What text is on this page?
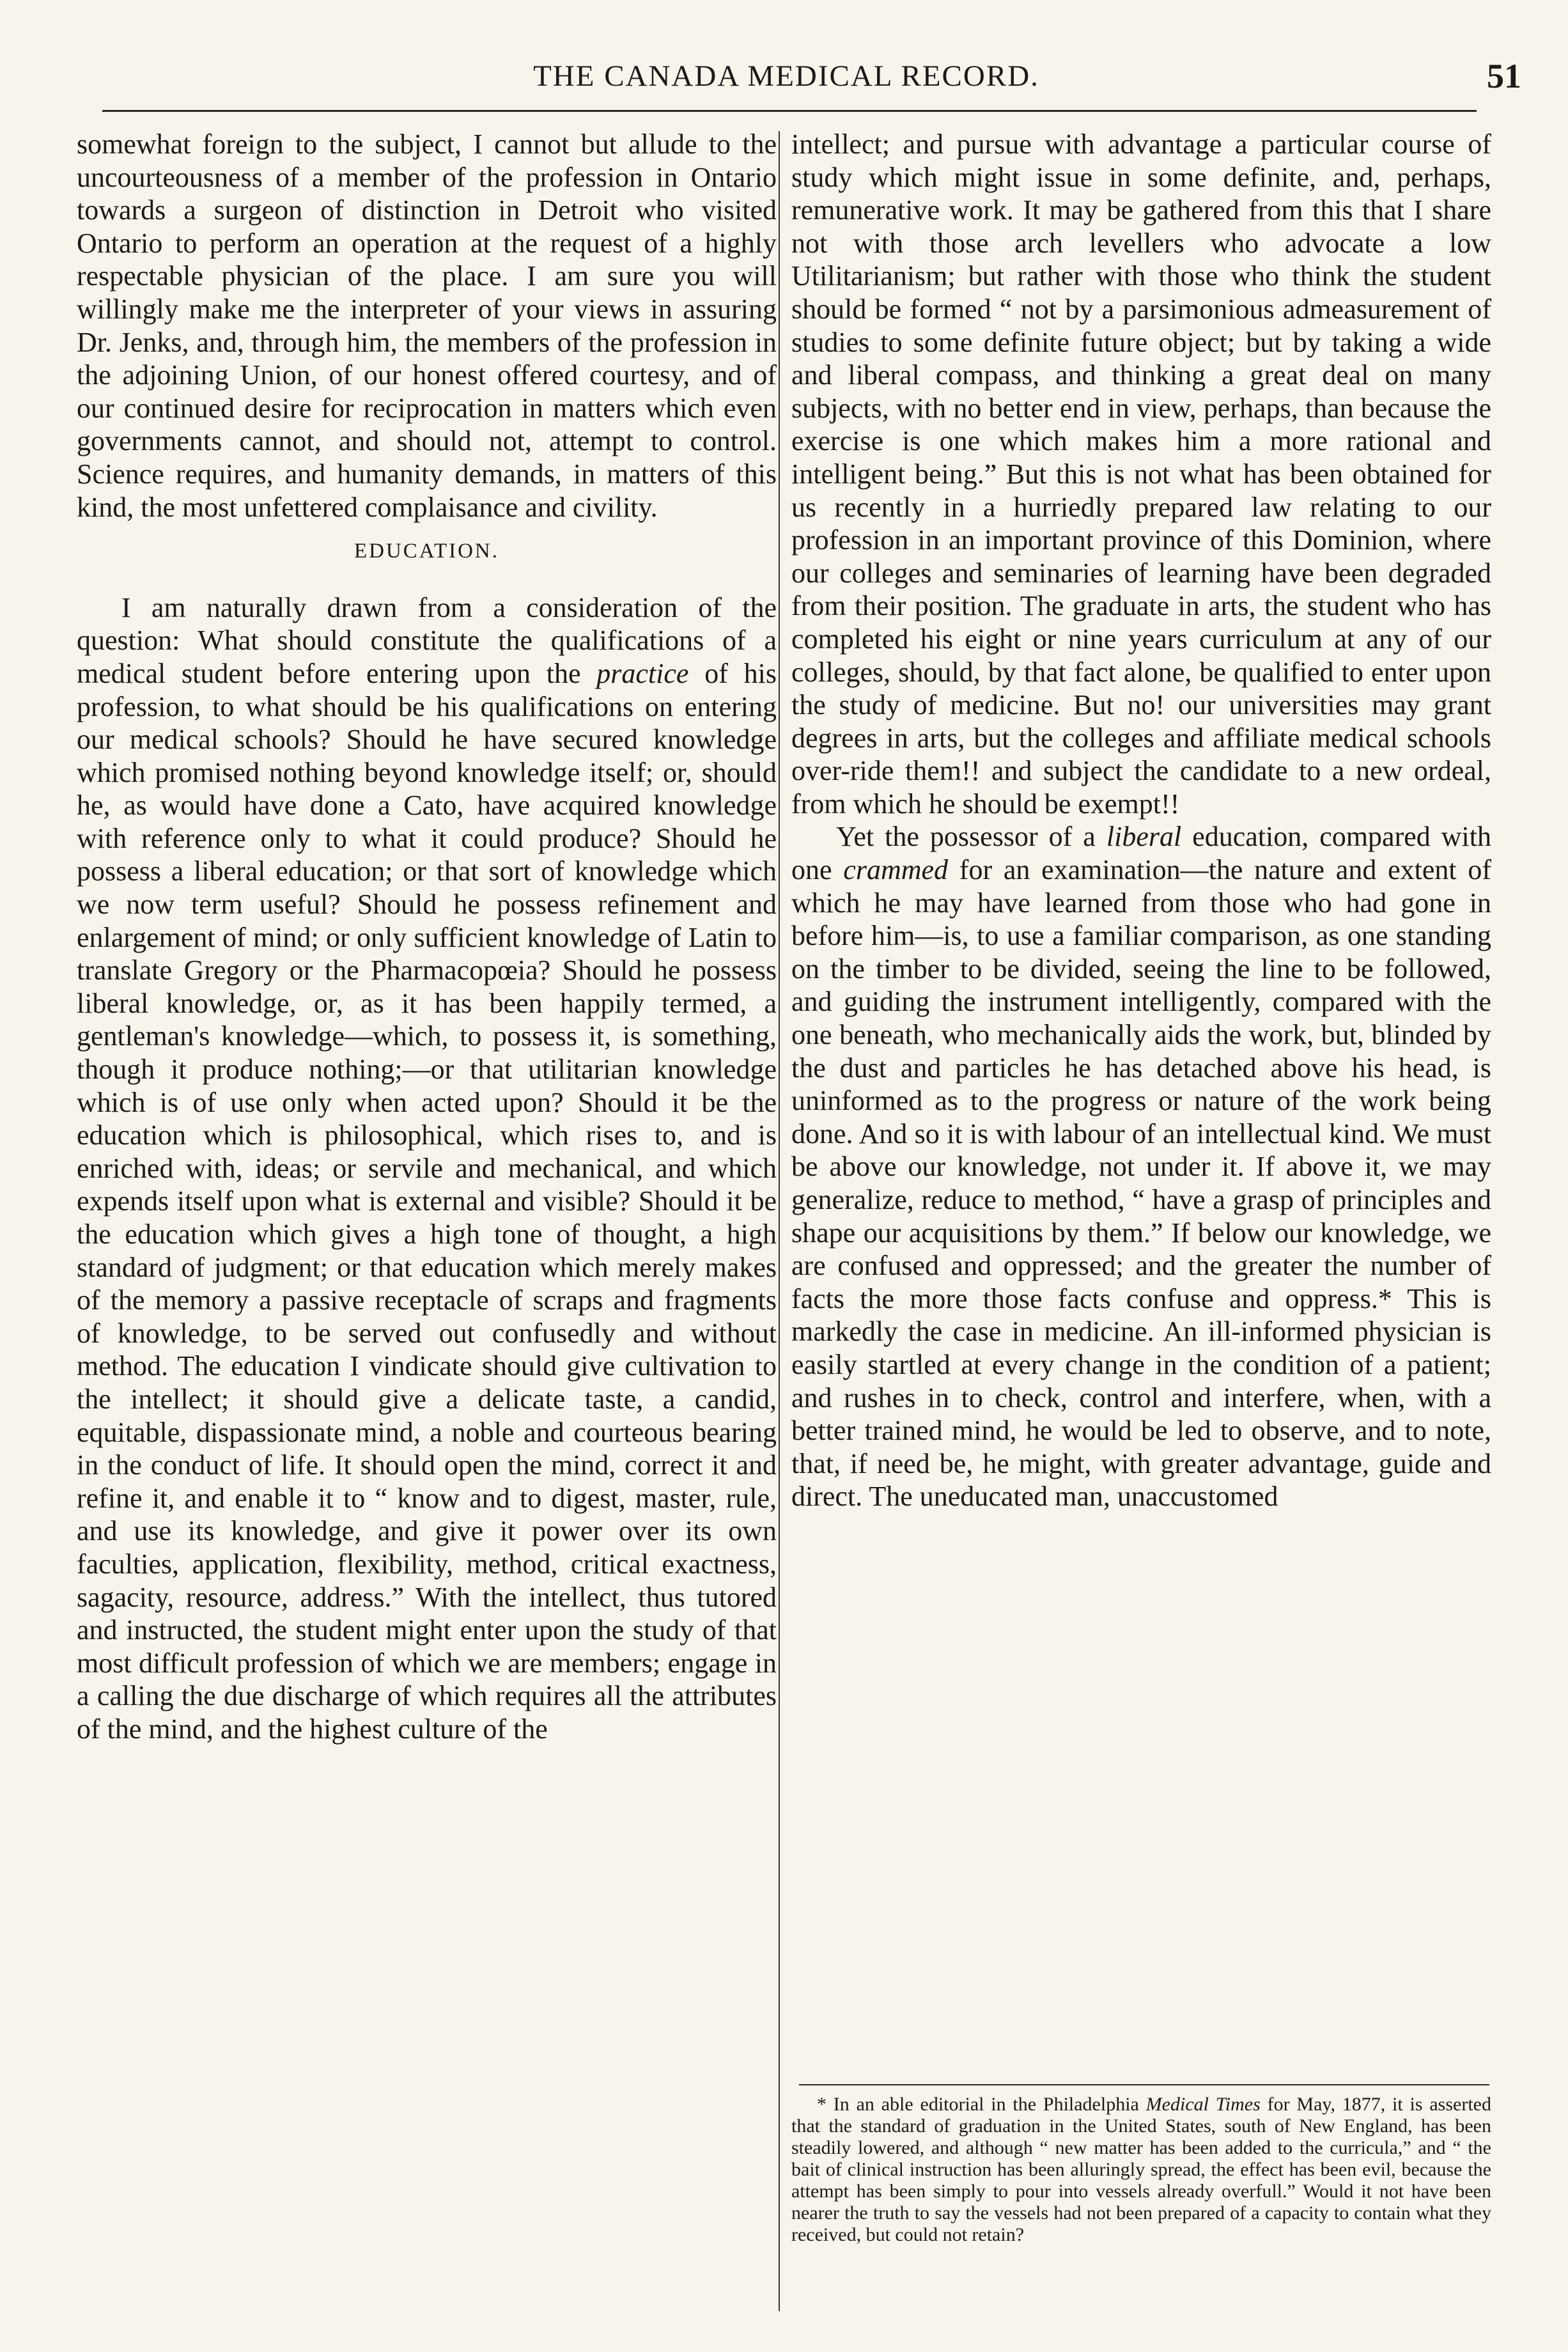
THE CANADA MEDICAL RECORD.	51

somewhat foreign to the subject, I cannot but allude to the uncourteousness of a member of the profession in Ontario towards a surgeon of distinction in Detroit who visited Ontario to perform an operation at the request of a highly respectable physician of the place. I am sure you will willingly make me the interpreter of your views in assuring Dr. Jenks, and, through him, the members of the profession in the adjoining Union, of our honest offered courtesy, and of our continued desire for reciprocation in matters which even governments cannot, and should not, attempt to control. Science requires, and humanity demands, in matters of this kind, the most unfettered complaisance and civility.

EDUCATION.

I am naturally drawn from a consideration of the question: What should constitute the qualifications of a medical student before entering upon the practice of his profession, to what should be his qualifications on entering our medical schools? Should he have secured knowledge which promised nothing beyond knowledge itself; or, should he, as would have done a Cato, have acquired knowledge with reference only to what it could produce? Should he possess a liberal education; or that sort of knowledge which we now term useful? Should he possess refinement and enlargement of mind; or only sufficient knowledge of Latin to translate Gregory or the Pharmacopœia? Should he possess liberal knowledge, or, as it has been happily termed, a gentleman's knowledge—which, to possess it, is something, though it produce nothing;—or that utilitarian knowledge which is of use only when acted upon? Should it be the education which is philosophical, which rises to, and is enriched with, ideas; or servile and mechanical, and which expends itself upon what is external and visible? Should it be the education which gives a high tone of thought, a high standard of judgment; or that education which merely makes of the memory a passive receptacle of scraps and fragments of knowledge, to be served out confusedly and without method. The education I vindicate should give cultivation to the intellect; it should give a delicate taste, a candid, equitable, dispassionate mind, a noble and courteous bearing in the conduct of life. It should open the mind, correct it and refine it, and enable it to “ know and to digest, master, rule, and use its knowledge, and give it power over its own faculties, application, flexibility, method, critical exactness, sagacity, resource, address.” With the intellect, thus tutored and instructed, the student might enter upon the study of that most difficult profession of which we are members; engage in a calling the due discharge of which requires all the attributes of the mind, and the highest culture of the

intellect; and pursue with advantage a particular course of study which might issue in some definite, and, perhaps, remunerative work. It may be gathered from this that I share not with those arch levellers who advocate a low Utilitarianism; but rather with those who think the student should be formed “ not by a parsimonious admeasurement of studies to some definite future object; but by taking a wide and liberal compass, and thinking a great deal on many subjects, with no better end in view, perhaps, than because the exercise is one which makes him a more rational and intelligent being.” But this is not what has been obtained for us recently in a hurriedly prepared law relating to our profession in an important province of this Dominion, where our colleges and seminaries of learning have been degraded from their position. The graduate in arts, the student who has completed his eight or nine years curriculum at any of our colleges, should, by that fact alone, be qualified to enter upon the study of medicine. But no! our universities may grant degrees in arts, but the colleges and affiliate medical schools over-ride them!! and subject the candidate to a new ordeal, from which he should be exempt!!

Yet the possessor of a liberal education, compared with one crammed for an examination—the nature and extent of which he may have learned from those who had gone in before him—is, to use a familiar comparison, as one standing on the timber to be divided, seeing the line to be followed, and guiding the instrument intelligently, compared with the one beneath, who mechanically aids the work, but, blinded by the dust and particles he has detached above his head, is uninformed as to the progress or nature of the work being done. And so it is with labour of an intellectual kind. We must be above our knowledge, not under it. If above it, we may generalize, reduce to method, “ have a grasp of principles and shape our acquisitions by them.” If below our knowledge, we are confused and oppressed; and the greater the number of facts the more those facts confuse and oppress.* This is markedly the case in medicine. An ill-informed physician is easily startled at every change in the condition of a patient; and rushes in to check, control and interfere, when, with a better trained mind, he would be led to observe, and to note, that, if need be, he might, with greater advantage, guide and direct. The uneducated man, unaccustomed

* In an able editorial in the Philadelphia Medical Times for May, 1877, it is asserted that the standard of graduation in the United States, south of New England, has been steadily lowered, and although “ new matter has been added to the curricula,” and “ the bait of clinical instruction has been alluringly spread, the effect has been evil, because the attempt has been simply to pour into vessels already overfull.” Would it not have been nearer the truth to say the vessels had not been prepared of a capacity to contain what they received, but could not retain?
